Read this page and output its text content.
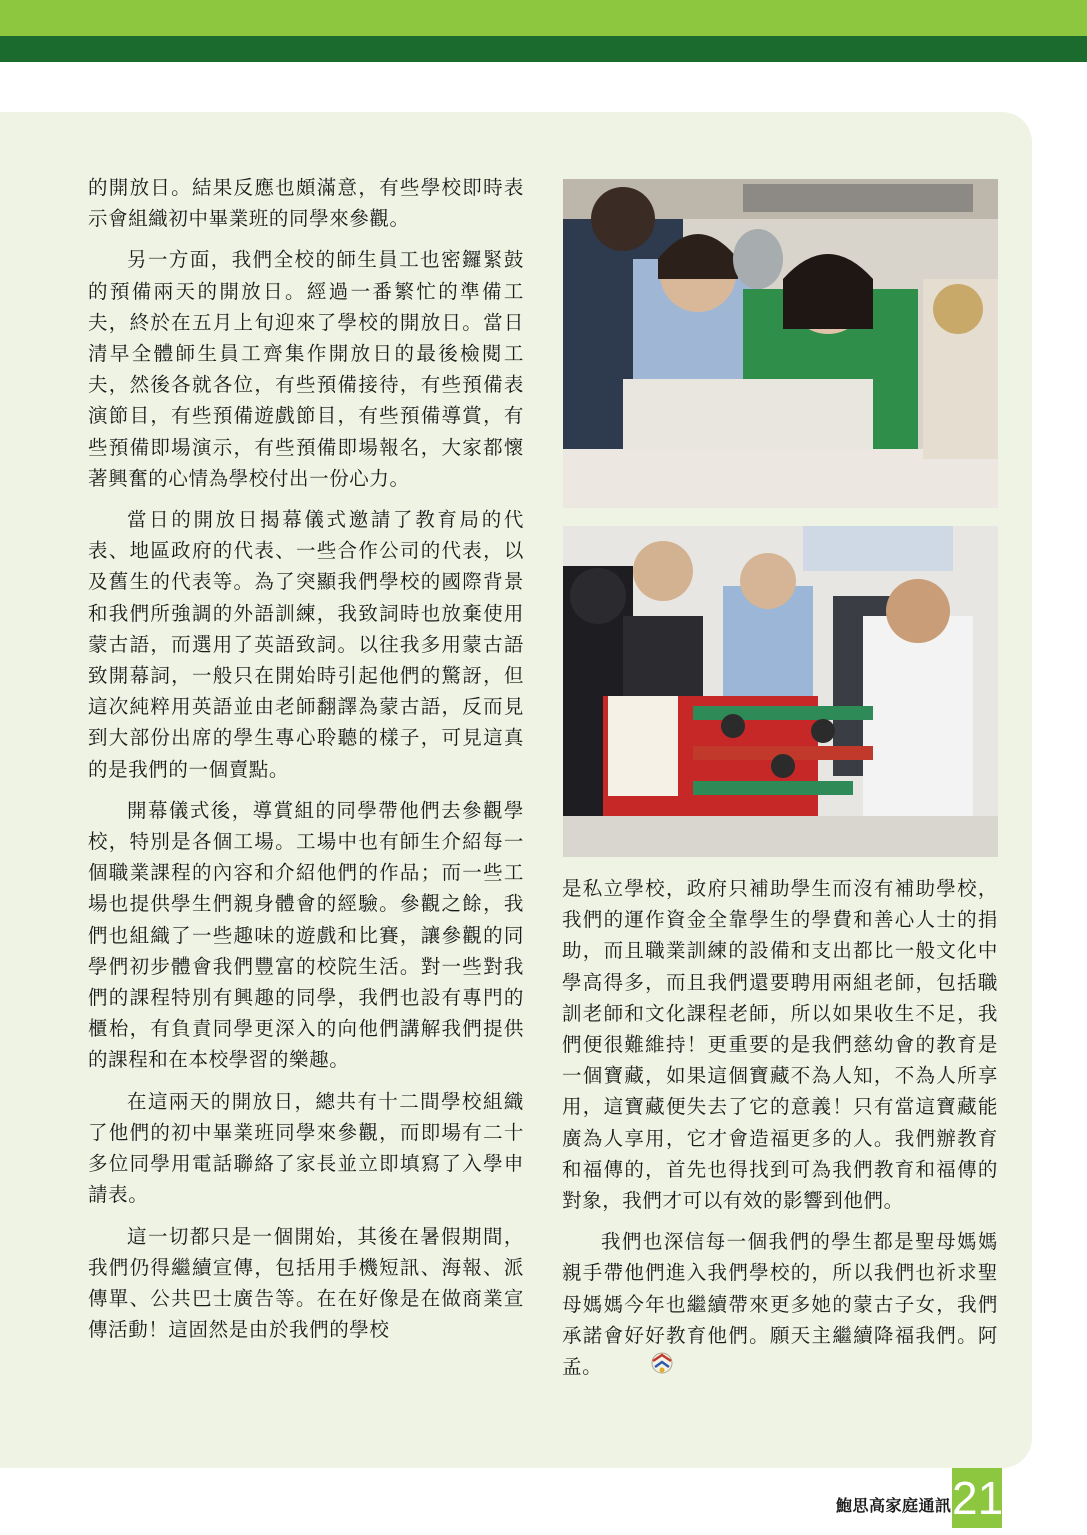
的開放日。結果反應也頗滿意，有些學校即時表示會組織初中畢業班的同學來參觀。

另一方面，我們全校的師生員工也密鑼緊鼓的預備兩天的開放日。經過一番繁忙的準備工夫，終於在五月上旬迎來了學校的開放日。當日清早全體師生員工齊集作開放日的最後檢閱工夫，然後各就各位，有些預備接待，有些預備表演節目，有些預備遊戲節目，有些預備導賞，有些預備即場演示，有些預備即場報名，大家都懷著興奮的心情為學校付出一份心力。

當日的開放日揭幕儀式邀請了教育局的代表、地區政府的代表、一些合作公司的代表，以及舊生的代表等。為了突顯我們學校的國際背景和我們所強調的外語訓練，我致詞時也放棄使用蒙古語，而選用了英語致詞。以往我多用蒙古語致開幕詞，一般只在開始時引起他們的驚訝，但這次純粹用英語並由老師翻譯為蒙古語，反而見到大部份出席的學生專心聆聽的樣子，可見這真的是我們的一個賣點。

開幕儀式後，導賞組的同學帶他們去參觀學校，特別是各個工場。工場中也有師生介紹每一個職業課程的內容和介紹他們的作品；而一些工場也提供學生們親身體會的經驗。參觀之餘，我們也組織了一些趣味的遊戲和比賽，讓參觀的同學們初步體會我們豐富的校院生活。對一些對我們的課程特別有興趣的同學，我們也設有專門的櫃枱，有負責同學更深入的向他們講解我們提供的課程和在本校學習的樂趣。

在這兩天的開放日，總共有十二間學校組織了他們的初中畢業班同學來參觀，而即場有二十多位同學用電話聯絡了家長並立即填寫了入學申請表。

這一切都只是一個開始，其後在暑假期間，我們仍得繼續宣傳，包括用手機短訊、海報、派傳單、公共巴士廣告等。在在好像是在做商業宣傳活動！這固然是由於我們的學校

是私立學校，政府只補助學生而沒有補助學校，我們的運作資金全靠學生的學費和善心人士的捐助，而且職業訓練的設備和支出都比一般文化中學高得多，而且我們還要聘用兩組老師，包括職訓老師和文化課程老師，所以如果收生不足，我們便很難維持！更重要的是我們慈幼會的教育是一個寶藏，如果這個寶藏不為人知，不為人所享用，這寶藏便失去了它的意義！只有當這寶藏能廣為人享用，它才會造福更多的人。我們辦教育和福傳的，首先也得找到可為我們教育和福傳的對象，我們才可以有效的影響到他們。

我們也深信每一個我們的學生都是聖母媽媽親手帶他們進入我們學校的，所以我們也祈求聖母媽媽今年也繼續帶來更多她的蒙古子女，我們承諾會好好教育他們。願天主繼續降福我們。阿孟。

鮑思高家庭通訊 21
